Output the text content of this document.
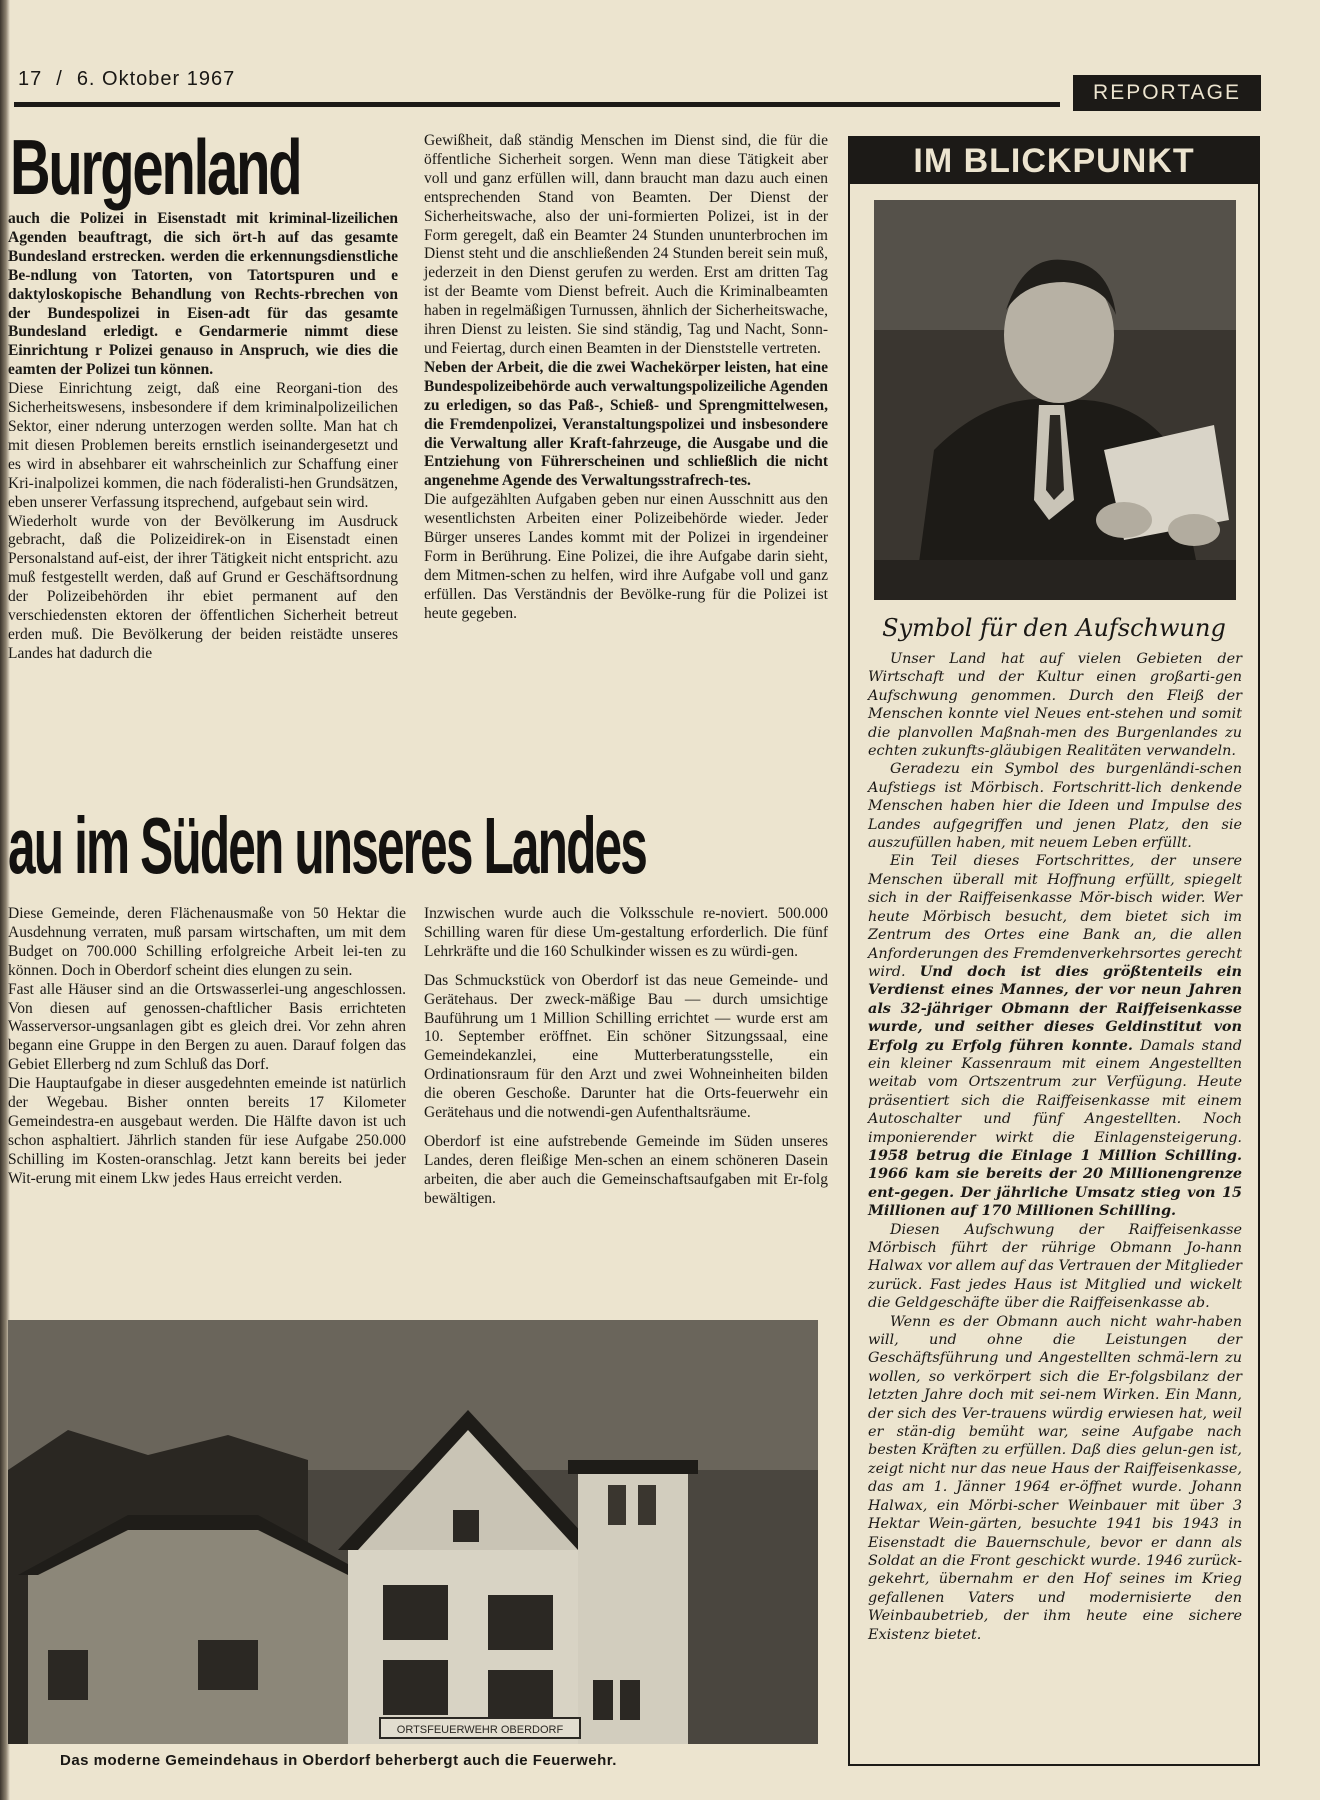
17 / 6. Oktober 1967
REPORTAGE
Burgenland

auch die Polizei in Eisenstadt mit kriminal-lizeilichen Agenden beauftragt, die sich ört-h auf das gesamte Bundesland erstrecken. werden die erkennungsdienstliche Be-ndlung von Tatorten, von Tatortspuren und e daktyloskopische Behandlung von Rechts-rbrechen von der Bundespolizei in Eisen-adt für das gesamte Bundesland erledigt. e Gendarmerie nimmt diese Einrichtung r Polizei genauso in Anspruch, wie dies die eamten der Polizei tun können.

Diese Einrichtung zeigt, daß eine Reorgani-tion des Sicherheitswesens, insbesondere if dem kriminalpolizeilichen Sektor, einer nderung unterzogen werden sollte. Man hat ch mit diesen Problemen bereits ernstlich iseinandergesetzt und es wird in absehbarer eit wahrscheinlich zur Schaffung einer Kri-inalpolizei kommen, die nach föderalisti-hen Grundsätzen, eben unserer Verfassung itsprechend, aufgebaut sein wird.

Wiederholt wurde von der Bevölkerung im Ausdruck gebracht, daß die Polizeidirek-on in Eisenstadt einen Personalstand auf-eist, der ihrer Tätigkeit nicht entspricht. azu muß festgestellt werden, daß auf Grund er Geschäftsordnung der Polizeibehörden ihr ebiet permanent auf den verschiedensten ektoren der öffentlichen Sicherheit betreut erden muß. Die Bevölkerung der beiden reistädte unseres Landes hat dadurch die

Gewißheit, daß ständig Menschen im Dienst sind, die für die öffentliche Sicherheit sorgen. Wenn man diese Tätigkeit aber voll und ganz erfüllen will, dann braucht man dazu auch einen entsprechenden Stand von Beamten. Der Dienst der Sicherheitswache, also der uni-formierten Polizei, ist in der Form geregelt, daß ein Beamter 24 Stunden ununterbrochen im Dienst steht und die anschließenden 24 Stunden bereit sein muß, jederzeit in den Dienst gerufen zu werden. Erst am dritten Tag ist der Beamte vom Dienst befreit. Auch die Kriminalbeamten haben in regelmäßigen Turnussen, ähnlich der Sicherheitswache, ihren Dienst zu leisten. Sie sind ständig, Tag und Nacht, Sonn- und Feiertag, durch einen Beamten in der Dienststelle vertreten.

Neben der Arbeit, die die zwei Wachekörper leisten, hat eine Bundespolizeibehörde auch verwaltungspolizeiliche Agenden zu erledigen, so das Paß-, Schieß- und Sprengmittelwesen, die Fremdenpolizei, Veranstaltungspolizei und insbesondere die Verwaltung aller Kraft-fahrzeuge, die Ausgabe und die Entziehung von Führerscheinen und schließlich die nicht angenehme Agende des Verwaltungsstrafrech-tes.

Die aufgezählten Aufgaben geben nur einen Ausschnitt aus den wesentlichsten Arbeiten einer Polizeibehörde wieder. Jeder Bürger unseres Landes kommt mit der Polizei in irgendeiner Form in Berührung. Eine Polizei, die ihre Aufgabe darin sieht, dem Mitmen-schen zu helfen, wird ihre Aufgabe voll und ganz erfüllen. Das Verständnis der Bevölke-rung für die Polizei ist heute gegeben.

au im Süden unseres Landes

Diese Gemeinde, deren Flächenausmaße von 50 Hektar die Ausdehnung verraten, muß parsam wirtschaften, um mit dem Budget on 700.000 Schilling erfolgreiche Arbeit lei-ten zu können. Doch in Oberdorf scheint dies elungen zu sein.

Fast alle Häuser sind an die Ortswasserlei-ung angeschlossen. Von diesen auf genossen-chaftlicher Basis errichteten Wasserversor-ungsanlagen gibt es gleich drei. Vor zehn ahren begann eine Gruppe in den Bergen zu auen. Darauf folgen das Gebiet Ellerberg nd zum Schluß das Dorf.

Die Hauptaufgabe in dieser ausgedehnten emeinde ist natürlich der Wegebau. Bisher onnten bereits 17 Kilometer Gemeindestra-en ausgebaut werden. Die Hälfte davon ist uch schon asphaltiert. Jährlich standen für iese Aufgabe 250.000 Schilling im Kosten-oranschlag. Jetzt kann bereits bei jeder Wit-erung mit einem Lkw jedes Haus erreicht verden.

Inzwischen wurde auch die Volksschule re-noviert. 500.000 Schilling waren für diese Um-gestaltung erforderlich. Die fünf Lehrkräfte und die 160 Schulkinder wissen es zu würdi-gen.

Das Schmuckstück von Oberdorf ist das neue Gemeinde- und Gerätehaus. Der zweck-mäßige Bau — durch umsichtige Bauführung um 1 Million Schilling errichtet — wurde erst am 10. September eröffnet. Ein schöner Sitzungssaal, eine Gemeindekanzlei, eine Mutterberatungsstelle, ein Ordinationsraum für den Arzt und zwei Wohneinheiten bilden die oberen Geschoße. Darunter hat die Orts-feuerwehr ein Gerätehaus und die notwendi-gen Aufenthaltsräume.

Oberdorf ist eine aufstrebende Gemeinde im Süden unseres Landes, deren fleißige Men-schen an einem schöneren Dasein arbeiten, die aber auch die Gemeinschaftsaufgaben mit Er-folg bewältigen.

ORTSFEUERWEHR OBERDORF
Das moderne Gemeindehaus in Oberdorf beherbergt auch die Feuerwehr.
IM BLICKPUNKT
Symbol für den Aufschwung

Unser Land hat auf vielen Gebieten der Wirtschaft und der Kultur einen großarti-gen Aufschwung genommen. Durch den Fleiß der Menschen konnte viel Neues ent-stehen und somit die planvollen Maßnah-men des Burgenlandes zu echten zukunfts-gläubigen Realitäten verwandeln.

Geradezu ein Symbol des burgenländi-schen Aufstiegs ist Mörbisch. Fortschritt-lich denkende Menschen haben hier die Ideen und Impulse des Landes aufgegriffen und jenen Platz, den sie auszufüllen haben, mit neuem Leben erfüllt.

Ein Teil dieses Fortschrittes, der unsere Menschen überall mit Hoffnung erfüllt, spiegelt sich in der Raiffeisenkasse Mör-bisch wider. Wer heute Mörbisch besucht, dem bietet sich im Zentrum des Ortes eine Bank an, die allen Anforderungen des Fremdenverkehrsortes gerecht wird. Und doch ist dies größtenteils ein Verdienst eines Mannes, der vor neun Jahren als 32-jähriger Obmann der Raiffeisenkasse wurde, und seither dieses Geldinstitut von Erfolg zu Erfolg führen konnte. Damals stand ein kleiner Kassenraum mit einem Angestellten weitab vom Ortszentrum zur Verfügung. Heute präsentiert sich die Raiffeisenkasse mit einem Autoschalter und fünf Angestellten. Noch imponierender wirkt die Einlagensteigerung. 1958 betrug die Einlage 1 Million Schilling. 1966 kam sie bereits der 20 Millionengrenze ent-gegen. Der jährliche Umsatz stieg von 15 Millionen auf 170 Millionen Schilling.

Diesen Aufschwung der Raiffeisenkasse Mörbisch führt der rührige Obmann Jo-hann Halwax vor allem auf das Vertrauen der Mitglieder zurück. Fast jedes Haus ist Mitglied und wickelt die Geldgeschäfte über die Raiffeisenkasse ab.

Wenn es der Obmann auch nicht wahr-haben will, und ohne die Leistungen der Geschäftsführung und Angestellten schmä-lern zu wollen, so verkörpert sich die Er-folgsbilanz der letzten Jahre doch mit sei-nem Wirken. Ein Mann, der sich des Ver-trauens würdig erwiesen hat, weil er stän-dig bemüht war, seine Aufgabe nach besten Kräften zu erfüllen. Daß dies gelun-gen ist, zeigt nicht nur das neue Haus der Raiffeisenkasse, das am 1. Jänner 1964 er-öffnet wurde. Johann Halwax, ein Mörbi-scher Weinbauer mit über 3 Hektar Wein-gärten, besuchte 1941 bis 1943 in Eisenstadt die Bauernschule, bevor er dann als Soldat an die Front geschickt wurde. 1946 zurück-gekehrt, übernahm er den Hof seines im Krieg gefallenen Vaters und modernisierte den Weinbaubetrieb, der ihm heute eine sichere Existenz bietet.
